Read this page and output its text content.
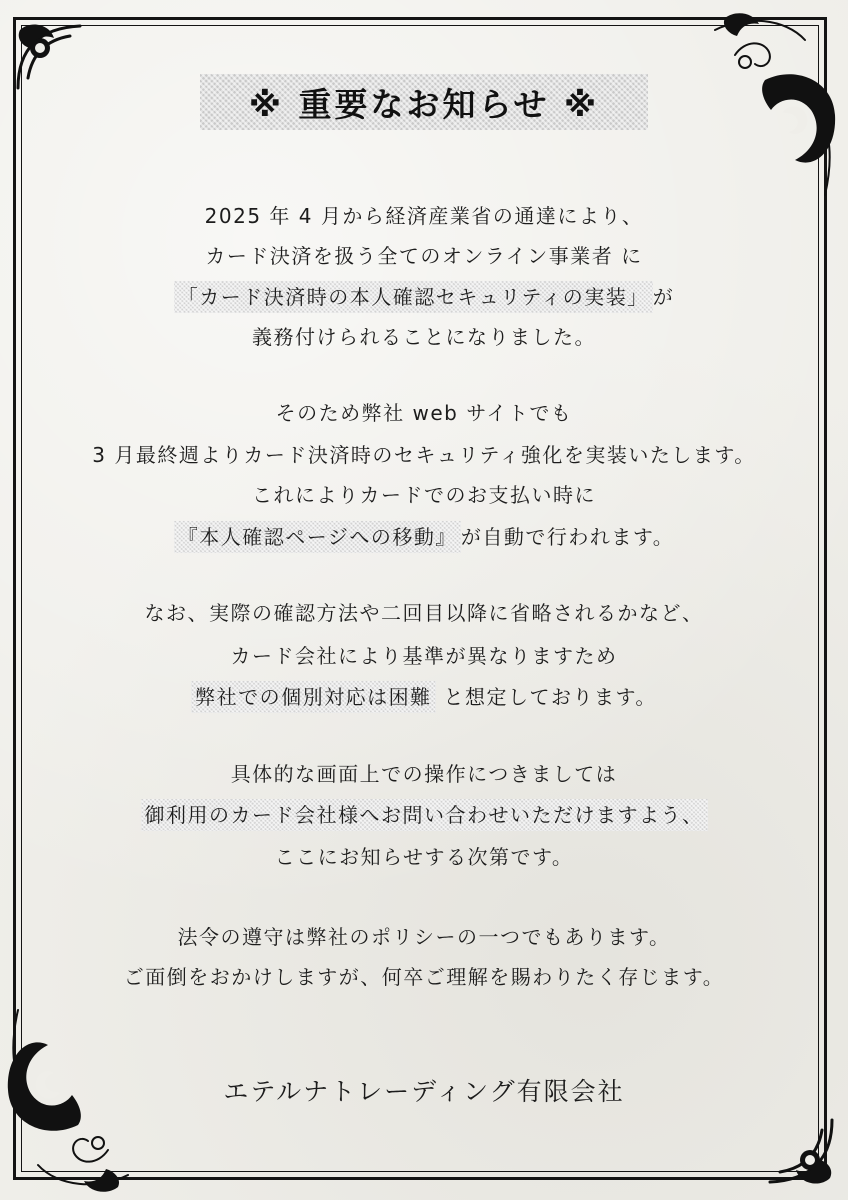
※ 重要なお知らせ ※
2025 年 4 月から経済産業省の通達により、
カード決済を扱う全てのオンライン事業者 に
「カード決済時の本人確認セキュリティの実装」 が
義務付けられることになりました。
そのため弊社 web サイトでも
3 月最終週よりカード決済時のセキュリティ強化を実装いたします。
これによりカードでのお支払い時に
『本人確認ページへの移動』 が自動で行われます。
なお、実際の確認方法や二回目以降に省略されるかなど、
カード会社により基準が異なりますため
弊社での個別対応は困難 と想定しております。
具体的な画面上での操作につきましては
御利用のカード会社様へお問い合わせいただけますよう、
ここにお知らせする次第です。
法令の遵守は弊社のポリシーの一つでもあります。
ご面倒をおかけしますが、何卒ご理解を賜わりたく存じます。
エテルナトレーディング有限会社
